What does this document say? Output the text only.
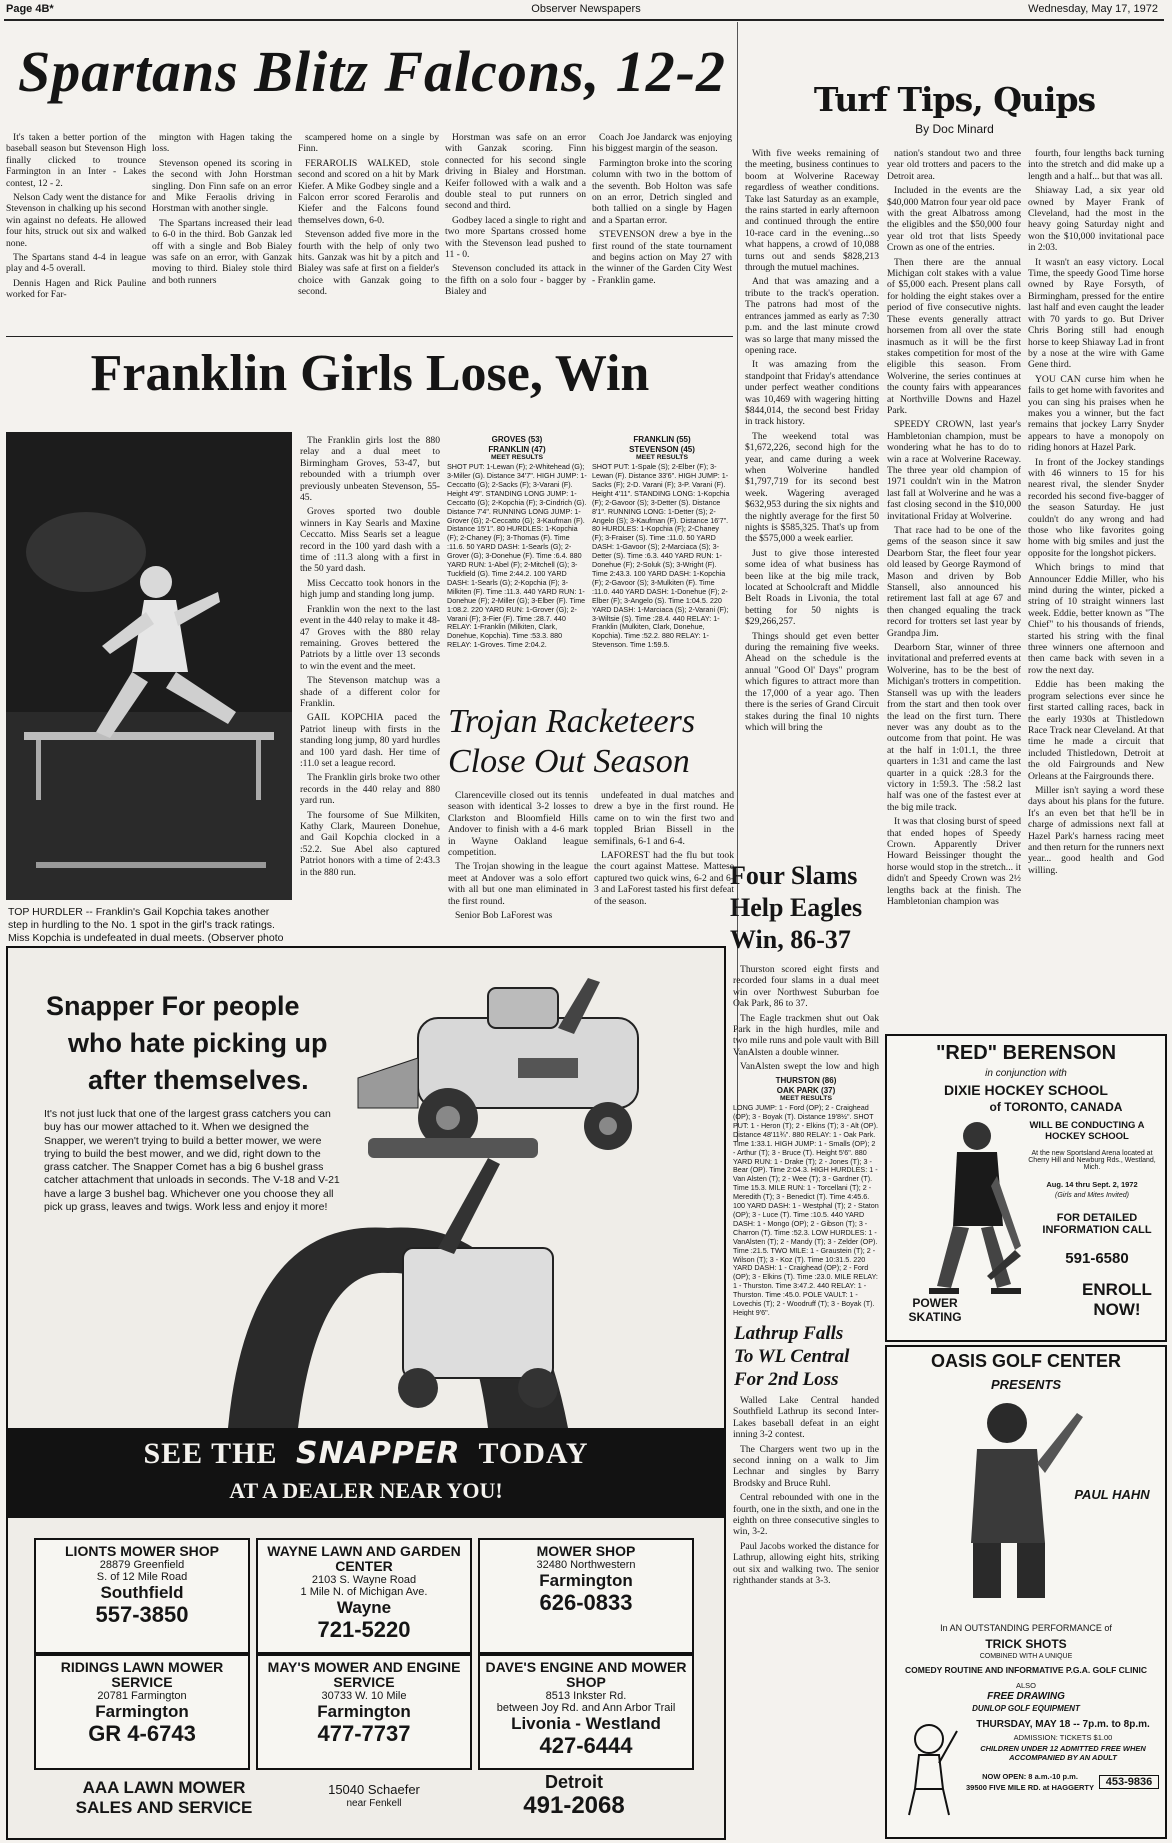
Page 4B*	Observer Newspapers	Wednesday, May 17, 1972
Spartans Blitz Falcons, 12-2

It's taken a better portion of the baseball season but Stevenson High finally clicked to trounce Farmington in an Inter - Lakes contest, 12 - 2.

Nelson Cady went the distance for Stevenson in chalking up his second win against no defeats. He allowed four hits, struck out six and walked none.

The Spartans stand 4-4 in league play and 4-5 overall.

Dennis Hagen and Rick Pauline worked for Far-

mington with Hagen taking the loss.

Stevenson opened its scoring in the second with John Horstman singling. Don Finn safe on an error and Mike Feraolis driving in Horstman with another single.

The Spartans increased their lead to 6-0 in the third. Bob Ganzak led off with a single and Bob Bialey was safe on an error, with Ganzak moving to third. Bialey stole third and both runners

scampered home on a single by Finn.

FERAROLIS WALKED, stole second and scored on a hit by Mark Kiefer. A Mike Godbey single and a Falcon error scored Ferarolis and Kiefer and the Falcons found themselves down, 6-0.

Stevenson added five more in the fourth with the help of only two hits. Ganzak was hit by a pitch and Bialey was safe at first on a fielder's choice with Ganzak going to second.

Horstman was safe on an error with Ganzak scoring. Finn connected for his second single driving in Bialey and Horstman. Keifer followed with a walk and a double steal to put runners on second and third.

Godbey laced a single to right and two more Spartans crossed home with the Stevenson lead pushed to 11 - 0.

Stevenson concluded its attack in the fifth on a solo four - bagger by Bialey and

Coach Joe Jandarck was enjoying his biggest margin of the season.

Farmington broke into the scoring column with two in the bottom of the seventh. Bob Holton was safe on an error, Detrich singled and both tallied on a single by Hagen and a Spartan error.

STEVENSON drew a bye in the first round of the state tournament and begins action on May 27 with the winner of the Garden City West - Franklin game.

Turf Tips, Quips
By Doc Minard

With five weeks remaining of the meeting, business continues to boom at Wolverine Raceway regardless of weather conditions. Take last Saturday as an example, the rains started in early afternoon and continued through the entire 10-race card in the evening...so what happens, a crowd of 10,088 turns out and sends $828,213 through the mutuel machines.

And that was amazing and a tribute to the track's operation. The patrons had most of the entrances jammed as early as 7:30 p.m. and the last minute crowd was so large that many missed the opening race.

It was amazing from the standpoint that Friday's attendance under perfect weather conditions was 10,469 with wagering hitting $844,014, the second best Friday in track history.

The weekend total was $1,672,226, second high for the year, and came during a week when Wolverine handled $1,797,719 for its second best week. Wagering averaged $632,953 during the six nights and the nightly average for the first 50 nights is $585,325. That's up from the $575,000 a week earlier.

Just to give those interested some idea of what business has been like at the big mile track, located at Schoolcraft and Middle Belt Roads in Livonia, the total betting for 50 nights is $29,266,257.

Things should get even better during the remaining five weeks. Ahead on the schedule is the annual "Good Ol' Days" program which figures to attract more than the 17,000 of a year ago. Then there is the series of Grand Circuit stakes during the final 10 nights which will bring the

nation's standout two and three year old trotters and pacers to the Detroit area.

Included in the events are the $40,000 Matron four year old pace with the great Albatross among the eligibles and the $50,000 four year old trot that lists Speedy Crown as one of the entries.

Then there are the annual Michigan colt stakes with a value of $5,000 each. Present plans call for holding the eight stakes over a period of five consecutive nights. These events generally attract horsemen from all over the state inasmuch as it will be the first stakes competition for most of the eligible this season. From Wolverine, the series continues at the county fairs with appearances at Northville Downs and Hazel Park.

SPEEDY CROWN, last year's Hambletonian champion, must be wondering what he has to do to win a race at Wolverine Raceway. The three year old champion of 1971 couldn't win in the Matron last fall at Wolverine and he was a fast closing second in the $10,000 invitational Friday at Wolverine.

That race had to be one of the gems of the season since it saw Dearborn Star, the fleet four year old leased by George Raymond of Mason and driven by Bob Stansell, also announced his retirement last fall at age 67 and then changed equaling the track record for trotters set last year by Grandpa Jim.

Dearborn Star, winner of three invitational and preferred events at Wolverine, has to be the best of Michigan's trotters in competition. Stansell was up with the leaders from the start and then took over the lead on the first turn. There never was any doubt as to the outcome from that point. He was at the half in 1:01.1, the three quarters in 1:31 and came the last quarter in a quick :28.3 for the victory in 1:59.3. The :58.2 last half was one of the fastest ever at the big mile track.

It was that closing burst of speed that ended hopes of Speedy Crown. Apparently Driver Howard Beissinger thought the horse would stop in the stretch... it didn't and Speedy Crown was 2½ lengths back at the finish. The Hambletonian champion was

fourth, four lengths back turning into the stretch and did make up a length and a half... but that was all.

Shiaway Lad, a six year old owned by Mayer Frank of Cleveland, had the most in the heavy going Saturday night and won the $10,000 invitational pace in 2:03.

It wasn't an easy victory. Local Time, the speedy Good Time horse owned by Raye Forsyth, of Birmingham, pressed for the entire last half and even caught the leader with 70 yards to go. But Driver Chris Boring still had enough horse to keep Shiaway Lad in front by a nose at the wire with Game Gene third.

YOU CAN curse him when he fails to get home with favorites and you can sing his praises when he makes you a winner, but the fact remains that jockey Larry Snyder appears to have a monopoly on riding honors at Hazel Park.

In front of the Jockey standings with 46 winners to 15 for his nearest rival, the slender Snyder recorded his second five-bagger of the season Saturday. He just couldn't do any wrong and had those who like favorites going home with big smiles and just the opposite for the longshot pickers.

Which brings to mind that Announcer Eddie Miller, who his mind during the winter, picked a string of 10 straight winners last week. Eddie, better known as "The Chief" to his thousands of friends, started his string with the final three winners one afternoon and then came back with seven in a row the next day.

Eddie has been making the program selections ever since he first started calling races, back in the early 1930s at Thistledown Race Track near Cleveland. At that time he made a circuit that included Thistledown, Detroit at the old Fairgrounds and New Orleans at the Fairgrounds there.

Miller isn't saying a word these days about his plans for the future. It's an even bet that he'll be in charge of admissions next fall at Hazel Park's harness racing meet and then return for the runners next year... good health and God willing.

Franklin Girls Lose, Win
TOP HURDLER -- Franklin's Gail Kopchia takes another step in hurdling to the No. 1 spot in the girl's track ratings. Miss Kopchia is undefeated in dual meets. (Observer photo

The Franklin girls lost the 880 relay and a dual meet to Birmingham Groves, 53-47, but rebounded with a triumph over previously unbeaten Stevenson, 55-45.

Groves sported two double winners in Kay Searls and Maxine Ceccatto. Miss Searls set a league record in the 100 yard dash with a time of :11.3 along with a first in the 50 yard dash.

Miss Ceccatto took honors in the high jump and standing long jump.

Franklin won the next to the last event in the 440 relay to make it 48-47 Groves with the 880 relay remaining. Groves bettered the Patriots by a little over 13 seconds to win the event and the meet.

The Stevenson matchup was a shade of a different color for Franklin.

GAIL KOPCHIA paced the Patriot lineup with firsts in the standing long jump, 80 yard hurdles and 100 yard dash. Her time of :11.0 set a league record.

The Franklin girls broke two other records in the 440 relay and 880 yard run.

The foursome of Sue Milkiten, Kathy Clark, Maureen Donehue, and Gail Kopchia clocked in a :52.2. Sue Abel also captured Patriot honors with a time of 2:43.3 in the 880 run.

GROVES (53)
FRANKLIN (47)
MEET RESULTS

SHOT PUT: 1-Lewan (F); 2-Whitehead (G); 3-Miller (G). Distance 34'7". HIGH JUMP: 1-Ceccatto (G); 2-Sacks (F); 3-Varani (F). Height 4'9". STANDING LONG JUMP: 1-Ceccatto (G); 2-Kopchia (F); 3-Cindrich (G). Distance 7'4". RUNNING LONG JUMP: 1-Grover (G); 2-Ceccatto (G); 3-Kaufman (F). Distance 15'1". 80 HURDLES: 1-Kopchia (F); 2-Chaney (F); 3-Thomas (F). Time :11.6. 50 YARD DASH: 1-Searls (G); 2-Grover (G); 3-Donehue (F). Time :6.4. 880 YARD RUN: 1-Abel (F); 2-Mitchell (G); 3-Tuckfield (G). Time 2:44.2. 100 YARD DASH: 1-Searls (G); 2-Kopchia (F); 3-Milkiten (F). Time :11.3. 440 YARD RUN: 1-Donehue (F); 2-Miller (G); 3-Elber (F). Time 1:08.2. 220 YARD RUN: 1-Grover (G); 2-Varani (F); 3-Fier (F). Time :28.7. 440 RELAY: 1-Franklin (Milkiten, Clark, Donehue, Kopchia). Time :53.3. 880 RELAY: 1-Groves. Time 2:04.2.

FRANKLIN (55)
STEVENSON (45)
MEET RESULTS

SHOT PUT: 1-Spale (S); 2-Elber (F); 3-Lewan (F). Distance 33'6". HIGH JUMP: 1-Sacks (F); 2-D. Varani (F); 3-P. Varani (F). Height 4'11". STANDING LONG: 1-Kopchia (F); 2-Gavoor (S); 3-Detter (S). Distance 8'1". RUNNING LONG: 1-Detter (S); 2-Angelo (S); 3-Kaufman (F). Distance 16'7". 80 HURDLES: 1-Kopchia (F); 2-Chaney (F); 3-Fraiser (S). Time :11.0. 50 YARD DASH: 1-Gavoor (S); 2-Marciaca (S); 3-Detter (S). Time :6.3. 440 YARD RUN: 1-Donehue (F); 2-Soluk (S); 3-Wright (F). Time 2:43.3. 100 YARD DASH: 1-Kopchia (F); 2-Gavoor (S); 3-Mulkiten (F). Time :11.0. 440 YARD DASH: 1-Donehue (F); 2-Elber (F); 3-Angelo (S). Time 1:04.5. 220 YARD DASH: 1-Marciaca (S); 2-Varani (F); 3-Wiltsie (S). Time :28.4. 440 RELAY: 1-Franklin (Mulkiten, Clark, Donehue, Kopchia). Time :52.2. 880 RELAY: 1-Stevenson. Time 1:59.5.

Trojan Racketeers
Close Out Season

Clarenceville closed out its tennis season with identical 3-2 losses to Clarkston and Bloomfield Hills Andover to finish with a 4-6 mark in Wayne Oakland league competition.

The Trojan showing in the league meet at Andover was a solo effort with all but one man eliminated in the first round.

Senior Bob LaForest was

undefeated in dual matches and drew a bye in the first round. He came on to win the first two and toppled Brian Bissell in the semifinals, 6-1 and 6-4.

LAFOREST had the flu but took the court against Mattese. Mattese captured two quick wins, 6-2 and 6-3 and LaForest tasted his first defeat of the season.

Four Slams
Help Eagles
Win, 86-37

Thurston scored eight firsts and recorded four slams in a dual meet win over Northwest Suburban foe Oak Park, 86 to 37.

The Eagle trackmen shut out Oak Park in the high hurdles, mile and two mile runs and pole vault with Bill VanAlsten a double winner.

VanAlsten swept the low and high

THURSTON (86)
OAK PARK (37)
MEET RESULTS

LONG JUMP: 1 - Ford (OP); 2 - Craighead (OP); 3 - Boyak (T). Distance 19'8½". SHOT PUT: 1 - Heron (T); 2 - Elkins (T); 3 - Alt (OP). Distance 48'11¾". 880 RELAY: 1 - Oak Park. Time 1:33.1. HIGH JUMP: 1 - Smalls (OP); 2 - Arthur (T); 3 - Bruce (T). Height 5'6". 880 YARD RUN: 1 - Drake (T); 2 - Jones (T); 3 - Bear (OP). Time 2:04.3. HIGH HURDLES: 1 - Van Alsten (T); 2 - Wee (T); 3 - Gardner (T). Time 15.3. MILE RUN: 1 - Torcellani (T); 2 - Meredith (T); 3 - Benedict (T). Time 4:45.6. 100 YARD DASH: 1 - Westphal (T); 2 - Staton (OP); 3 - Luce (T). Time :10.5. 440 YARD DASH: 1 - Mongo (OP); 2 - Gibson (T); 3 - Charron (T). Time :52.3. LOW HURDLES: 1 - VanAlsten (T); 2 - Mandy (T); 3 - Zelder (OP). Time :21.5. TWO MILE: 1 - Graustein (T); 2 - Wilson (T); 3 - Koz (T). Time 10:31.5. 220 YARD DASH: 1 - Craighead (OP); 2 - Ford (OP); 3 - Elkins (T). Time :23.0. MILE RELAY: 1 - Thurston. Time 3:47.2. 440 RELAY: 1 - Thurston. Time :45.0. POLE VAULT: 1 - Lovechis (T); 2 - Woodruff (T); 3 - Boyak (T). Height 9'6".

Lathrup Falls
To WL Central
For 2nd Loss

Walled Lake Central handed Southfield Lathrup its second Inter-Lakes baseball defeat in an eight inning 3-2 contest.

The Chargers went two up in the second inning on a walk to Jim Lechnar and singles by Barry Brodsky and Bruce Ruhl.

Central rebounded with one in the fourth, one in the sixth, and one in the eighth on three consecutive singles to win, 3-2.

Paul Jacobs worked the distance for Lathrup, allowing eight hits, striking out six and walking two. The senior righthander stands at 3-3.

Snapper For people
who hate picking up
after themselves.
It's not just luck that one of the largest grass catchers you can buy has our mower attached to it. When we designed the Snapper, we weren't trying to build a better mower, we were trying to build the best mower, and we did, right down to the grass catcher. The Snapper Comet has a big 6 bushel grass catcher attachment that unloads in seconds. The V-18 and V-21 have a large 3 bushel bag. Whichever one you choose they all pick up grass, leaves and twigs. Work less and enjoy it more!
SEE THE SNAPPER TODAY
AT A DEALER NEAR YOU!
LIONTS MOWER SHOP
28879 Greenfield
S. of 12 Mile Road
Southfield
557-3850
WAYNE LAWN AND GARDEN CENTER
2103 S. Wayne Road
1 Mile N. of Michigan Ave.
Wayne
721-5220
MOWER SHOP
32480 Northwestern
Farmington
626-0833
RIDINGS LAWN MOWER SERVICE
20781 Farmington
Farmington
GR 4-6743
MAY'S MOWER AND ENGINE SERVICE
30733 W. 10 Mile
Farmington
477-7737
DAVE'S ENGINE AND MOWER SHOP
8513 Inkster Rd.
between Joy Rd. and Ann Arbor Trail
Livonia - Westland
427-6444
AAA LAWN MOWER SALES AND SERVICE
15040 Schaefer
near Fenkell
Detroit
491-2068
"RED" BERENSON
in conjunction with
DIXIE HOCKEY SCHOOL
of TORONTO, CANADA
WILL BE CONDUCTING A HOCKEY SCHOOL
At the new Sportsland Arena located at Cherry Hill and Newburg Rds., Westland, Mich.
Aug. 14 thru Sept. 2, 1972
(Girls and Mites Invited)
FOR DETAILED INFORMATION CALL
591-6580
ENROLL NOW!
POWER SKATING
OASIS GOLF CENTER
PRESENTS
PAUL HAHN
In AN OUTSTANDING PERFORMANCE of
TRICK SHOTS
COMBINED WITH A UNIQUE
COMEDY ROUTINE AND INFORMATIVE P.G.A. GOLF CLINIC
ALSO
FREE DRAWING
DUNLOP GOLF EQUIPMENT
THURSDAY, MAY 18 -- 7p.m. to 8p.m.
ADMISSION: TICKETS $1.00
CHILDREN UNDER 12 ADMITTED FREE WHEN ACCOMPANIED BY AN ADULT
NOW OPEN: 8 a.m.-10 p.m.
39500 FIVE MILE RD. at HAGGERTY	453-9836
